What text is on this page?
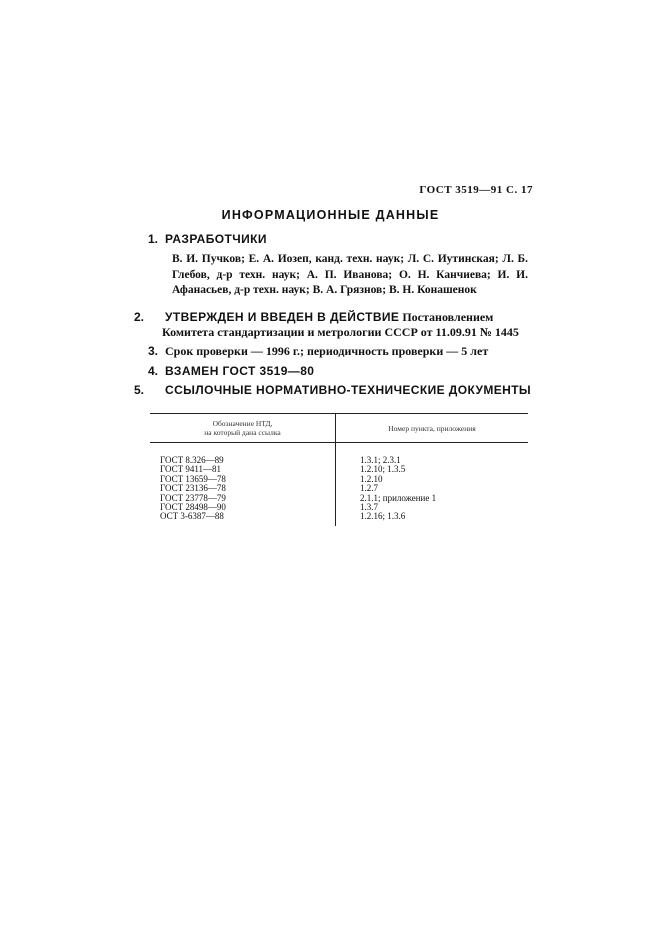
ГОСТ 3519—91 С. 17
ИНФОРМАЦИОННЫЕ ДАННЫЕ
1. РАЗРАБОТЧИКИ
В. И. Пучков; Е. А. Иозеп, канд. техн. наук; Л. С. Иутинская; Л. Б. Глебов, д-р техн. наук; А. П. Иванова; О. Н. Канчиева; И. И. Афанасьев, д-р техн. наук; В. А. Грязнов; В. Н. Конашенок
2. УТВЕРЖДЕН И ВВЕДЕН В ДЕЙСТВИЕ Постановлением Комитета стандартизации и метрологии СССР от 11.09.91 № 1445
3. Срок проверки — 1996 г.; периодичность проверки — 5 лет
4. ВЗАМЕН ГОСТ 3519—80
5. ССЫЛОЧНЫЕ НОРМАТИВНО-ТЕХНИЧЕСКИЕ ДОКУМЕНТЫ
Обозначение НТД,
на который дана ссылка	Номер пункта, приложения
ГОСТ 8.326—89
ГОСТ 9411—81
ГОСТ 13659—78
ГОСТ 23136—78
ГОСТ 23778—79
ГОСТ 28498—90
ОСТ 3-6387—88
1.3.1; 2.3.1
1.2.10; 1.3.5
1.2.10
1.2.7
2.1.1; приложение 1
1.3.7
1.2.16; 1.3.6
